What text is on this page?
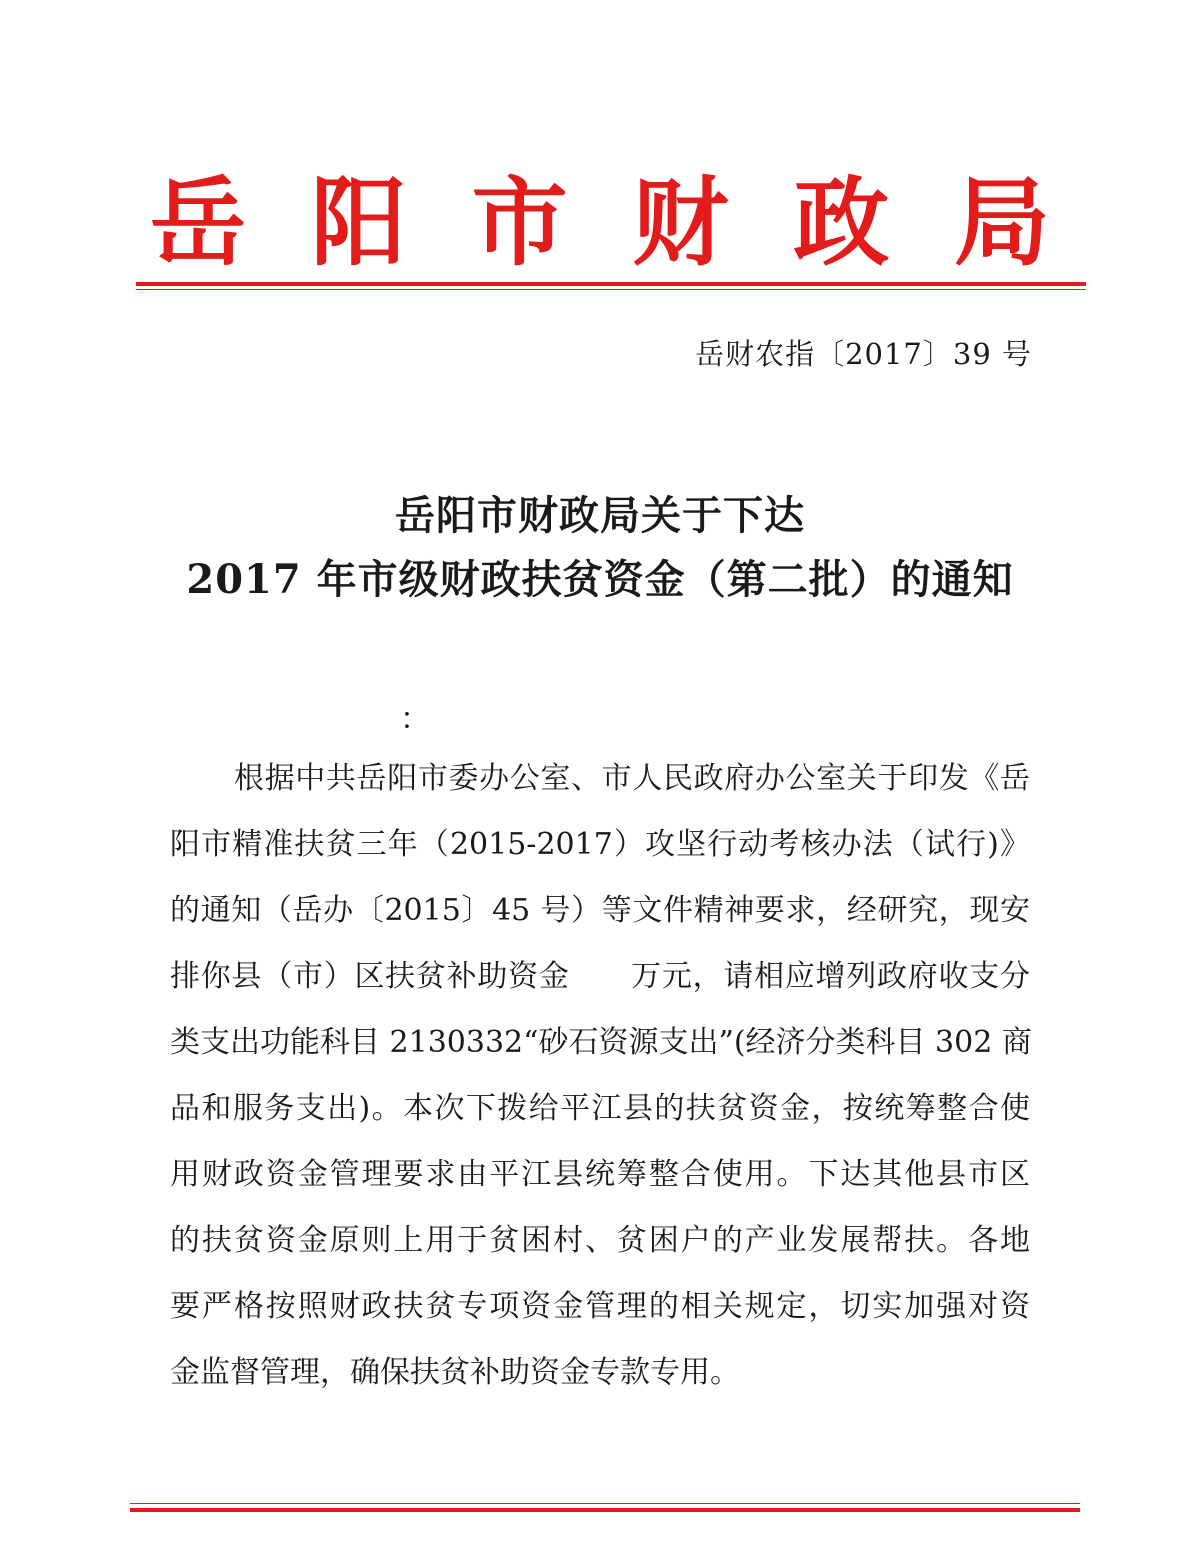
岳 阳 市 财 政 局
岳财农指〔2017〕39 号
岳阳市财政局关于下达
2017 年市级财政扶贫资金（第二批）的通知
：
根据中共岳阳市委办公室、市人民政府办公室关于印发《岳
阳市精准扶贫三年（2015-2017）攻坚行动考核办法（试行)》
的通知（岳办〔2015〕45 号）等文件精神要求，经研究，现安
排你县（市）区扶贫补助资金　　万元，请相应增列政府收支分
类支出功能科目 2130332“砂石资源支出”(经济分类科目 302 商
品和服务支出)。本次下拨给平江县的扶贫资金，按统筹整合使
用财政资金管理要求由平江县统筹整合使用。下达其他县市区
的扶贫资金原则上用于贫困村、贫困户的产业发展帮扶。各地
要严格按照财政扶贫专项资金管理的相关规定，切实加强对资
金监督管理，确保扶贫补助资金专款专用。
